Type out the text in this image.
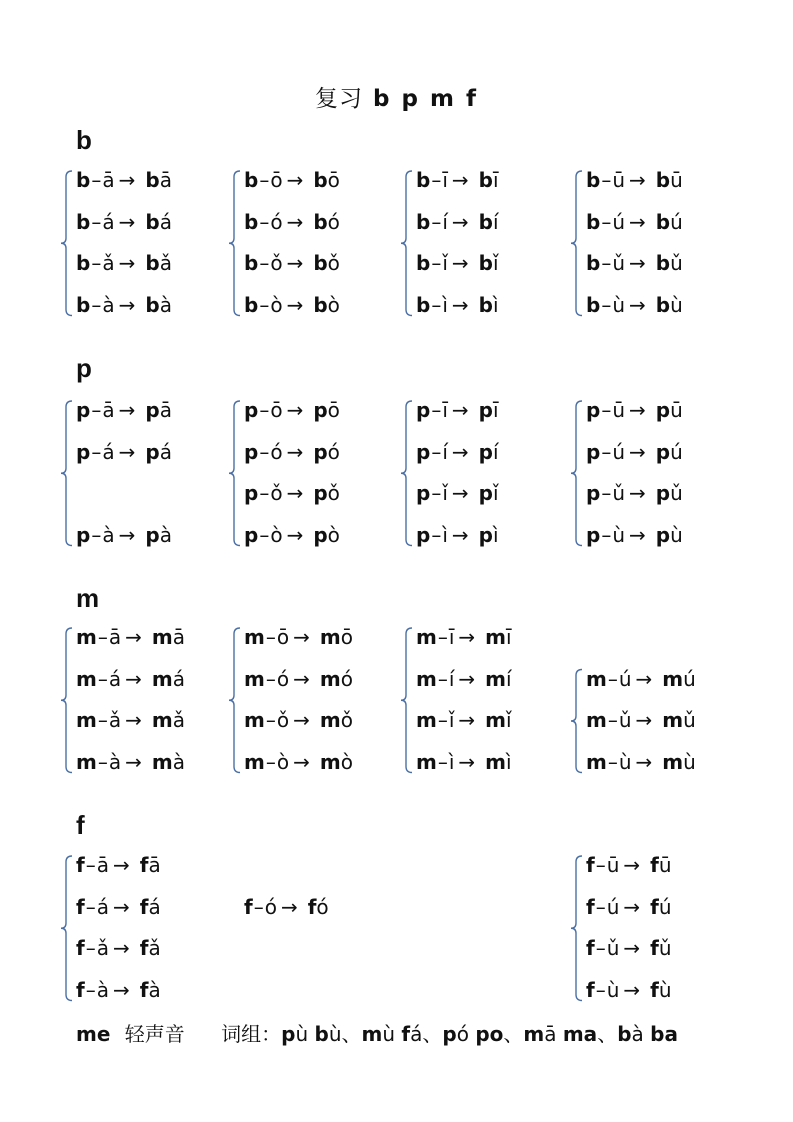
复习 b p m f
b
b–ā → bā
b–á → bá
b–ǎ → bǎ
b–à → bà
b–ō → bō
b–ó → bó
b–ǒ → bǒ
b–ò → bò
b–ī → bī
b–í → bí
b–ǐ → bǐ
b–ì → bì
b–ū → bū
b–ú → bú
b–ǔ → bǔ
b–ù → bù
p
p–ā → pā
p–á → pá
p–à → pà
p–ō → pō
p–ó → pó
p–ǒ → pǒ
p–ò → pò
p–ī → pī
p–í → pí
p–ǐ → pǐ
p–ì → pì
p–ū → pū
p–ú → pú
p–ǔ → pǔ
p–ù → pù
m
m–ā → mā
m–á → má
m–ǎ → mǎ
m–à → mà
m–ō → mō
m–ó → mó
m–ǒ → mǒ
m–ò → mò
m–ī → mī
m–í → mí
m–ǐ → mǐ
m–ì → mì
m–ú → mú
m–ǔ → mǔ
m–ù → mù
f
f–ā → fā
f–á → fá
f–ǎ → fǎ
f–à → fà
f–ó → fó
f–ū → fū
f–ú → fú
f–ǔ → fǔ
f–ù → fù
me 轻声音 词组：pù bù、mù fá、pó po、mā ma、bà ba
